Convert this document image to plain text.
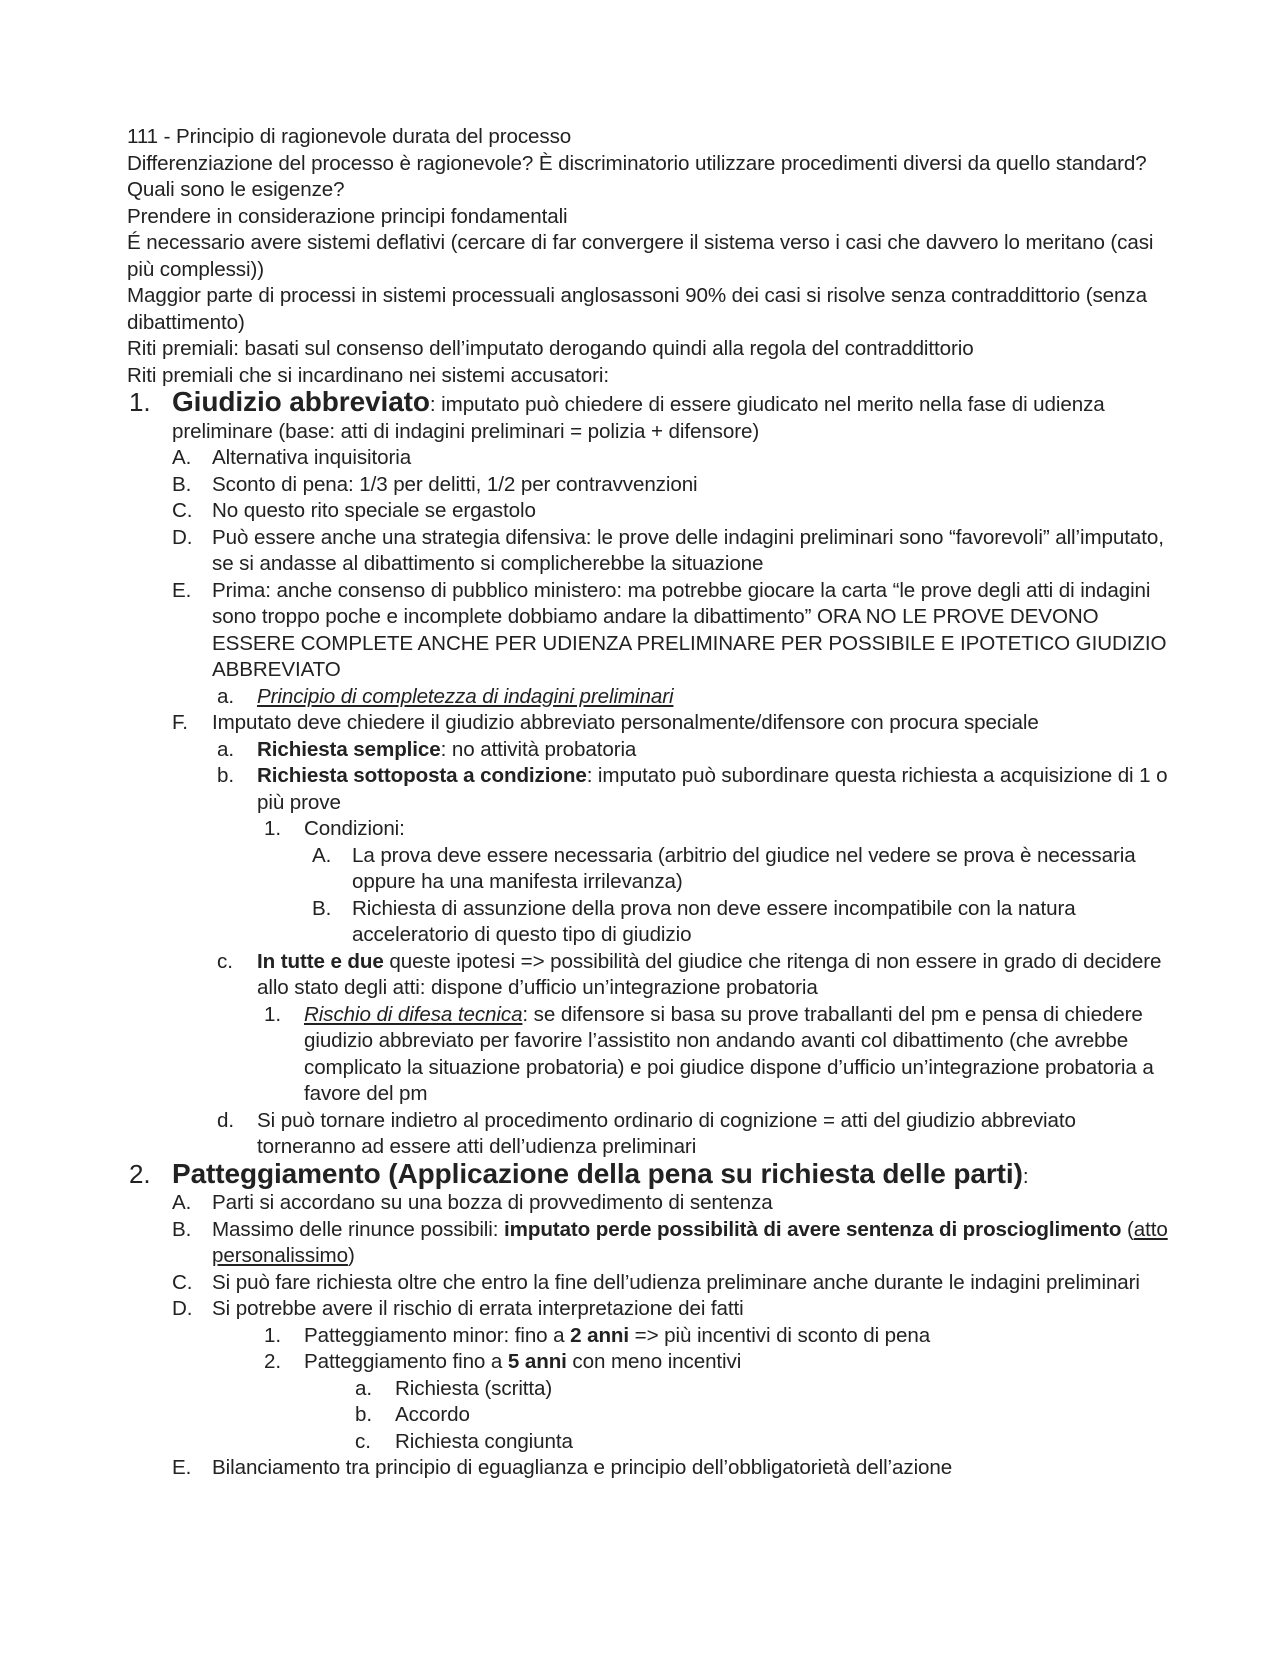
111 - Principio di ragionevole durata del processo
Differenziazione del processo è ragionevole? È discriminatorio utilizzare procedimenti diversi da quello standard? Quali sono le esigenze?
Prendere in considerazione principi fondamentali
É necessario avere sistemi deflativi (cercare di far convergere il sistema verso i casi che davvero lo meritano (casi più complessi))
Maggior parte di processi in sistemi processuali anglosassoni 90% dei casi si risolve senza contraddittorio (senza dibattimento)
Riti premiali: basati sul consenso dell’imputato derogando quindi alla regola del contraddittorio
Riti premiali che si incardinano nei sistemi accusatori:
1. Giudizio abbreviato: imputato può chiedere di essere giudicato nel merito nella fase di udienza preliminare (base: atti di indagini preliminari = polizia + difensore)
A.	Alternativa inquisitoria
B.	Sconto di pena: 1/3 per delitti, 1/2 per contravvenzioni
C. No questo rito speciale se ergastolo
D. Può essere anche una strategia difensiva: le prove delle indagini preliminari sono “favorevoli” all’imputato, se si andasse al dibattimento si complicherebbe la situazione
E.	Prima: anche consenso di pubblico ministero: ma potrebbe giocare la carta “le prove degli atti di indagini sono troppo poche e incomplete dobbiamo andare la dibattimento” ORA NO LE PROVE DEVONO ESSERE COMPLETE ANCHE PER UDIENZA PRELIMINARE PER POSSIBILE E IPOTETICO GIUDIZIO ABBREVIATO
a.	Principio di completezza di indagini preliminari
F.	Imputato deve chiedere il giudizio abbreviato personalmente/difensore con procura speciale
a.	Richiesta semplice: no attività probatoria
b.	Richiesta sottoposta a condizione: imputato può subordinare questa richiesta a acquisizione di 1 o più prove
1.	Condizioni:
A.	La prova deve essere necessaria (arbitrio del giudice nel vedere se prova è necessaria oppure ha una manifesta irrilevanza)
B.	Richiesta di assunzione della prova non deve essere incompatibile con la natura acceleratorio di questo tipo di giudizio
c.	In tutte e due queste ipotesi => possibilità del giudice che ritenga di non essere in grado di decidere allo stato degli atti: dispone d’ufficio un’integrazione probatoria
1.	Rischio di difesa tecnica: se difensore si basa su prove traballanti del pm e pensa di chiedere giudizio abbreviato per favorire l’assistito non andando avanti col dibattimento (che avrebbe complicato la situazione probatoria) e poi giudice dispone d’ufficio un’integrazione probatoria a favore del pm
d.	Si può tornare indietro al procedimento ordinario di cognizione = atti del giudizio abbreviato torneranno ad essere atti dell’udienza preliminari
2. Patteggiamento (Applicazione della pena su richiesta delle parti):
A.	Parti si accordano su una bozza di provvedimento di sentenza
B.	Massimo delle rinunce possibili: imputato perde possibilità di avere sentenza di proscioglimento (atto personalissimo)
C. Si può fare richiesta oltre che entro la fine dell’udienza preliminare anche durante le indagini preliminari
D. Si potrebbe avere il rischio di errata interpretazione dei fatti
1.	Patteggiamento minor: fino a 2 anni => più incentivi di sconto di pena
2.	Patteggiamento fino a 5 anni con meno incentivi
a.	Richiesta (scritta)
b.	Accordo
c.	Richiesta congiunta
E.	Bilanciamento tra principio di eguaglianza e principio dell’obbligatorietà dell’azione
